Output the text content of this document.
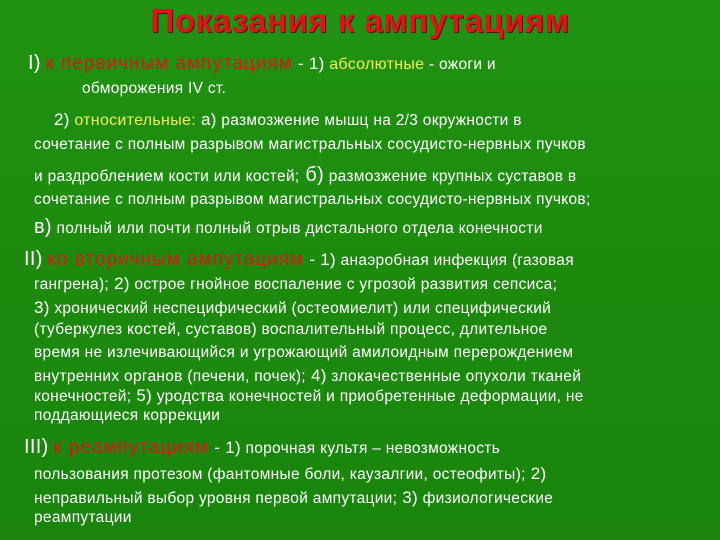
Показания к ампутациям
I) к первичным ампутациям - 1) абсолютные - ожоги и
обморожения IV ст.
2) относительные: а) размозжение мышц на 2/3 окружности в
сочетание с полным разрывом магистральных сосудисто-нервных пучков
и раздроблением кости или костей; б) размозжение крупных суставов в
сочетание с полным разрывом магистральных сосудисто-нервных пучков;
в) полный или почти полный отрыв дистального отдела конечности
II) ко вторичным ампутациям - 1) анаэробная инфекция (газовая
гангрена); 2) острое гнойное воспаление с угрозой развития сепсиса;
3) хронический неспецифический (остеомиелит) или специфический
(туберкулез костей, суставов) воспалительный процесс, длительное
время не излечивающийся и угрожающий амилоидным перерождением
внутренних органов (печени, почек); 4) злокачественные опухоли тканей
конечностей; 5) уродства конечностей и приобретенные деформации, не
поддающиеся коррекции
III) к реампутациям - 1) порочная культя – невозможность
пользования протезом (фантомные боли, каузалгии, остеофиты); 2)
неправильный выбор уровня первой ампутации; 3) физиологические
реампутации
